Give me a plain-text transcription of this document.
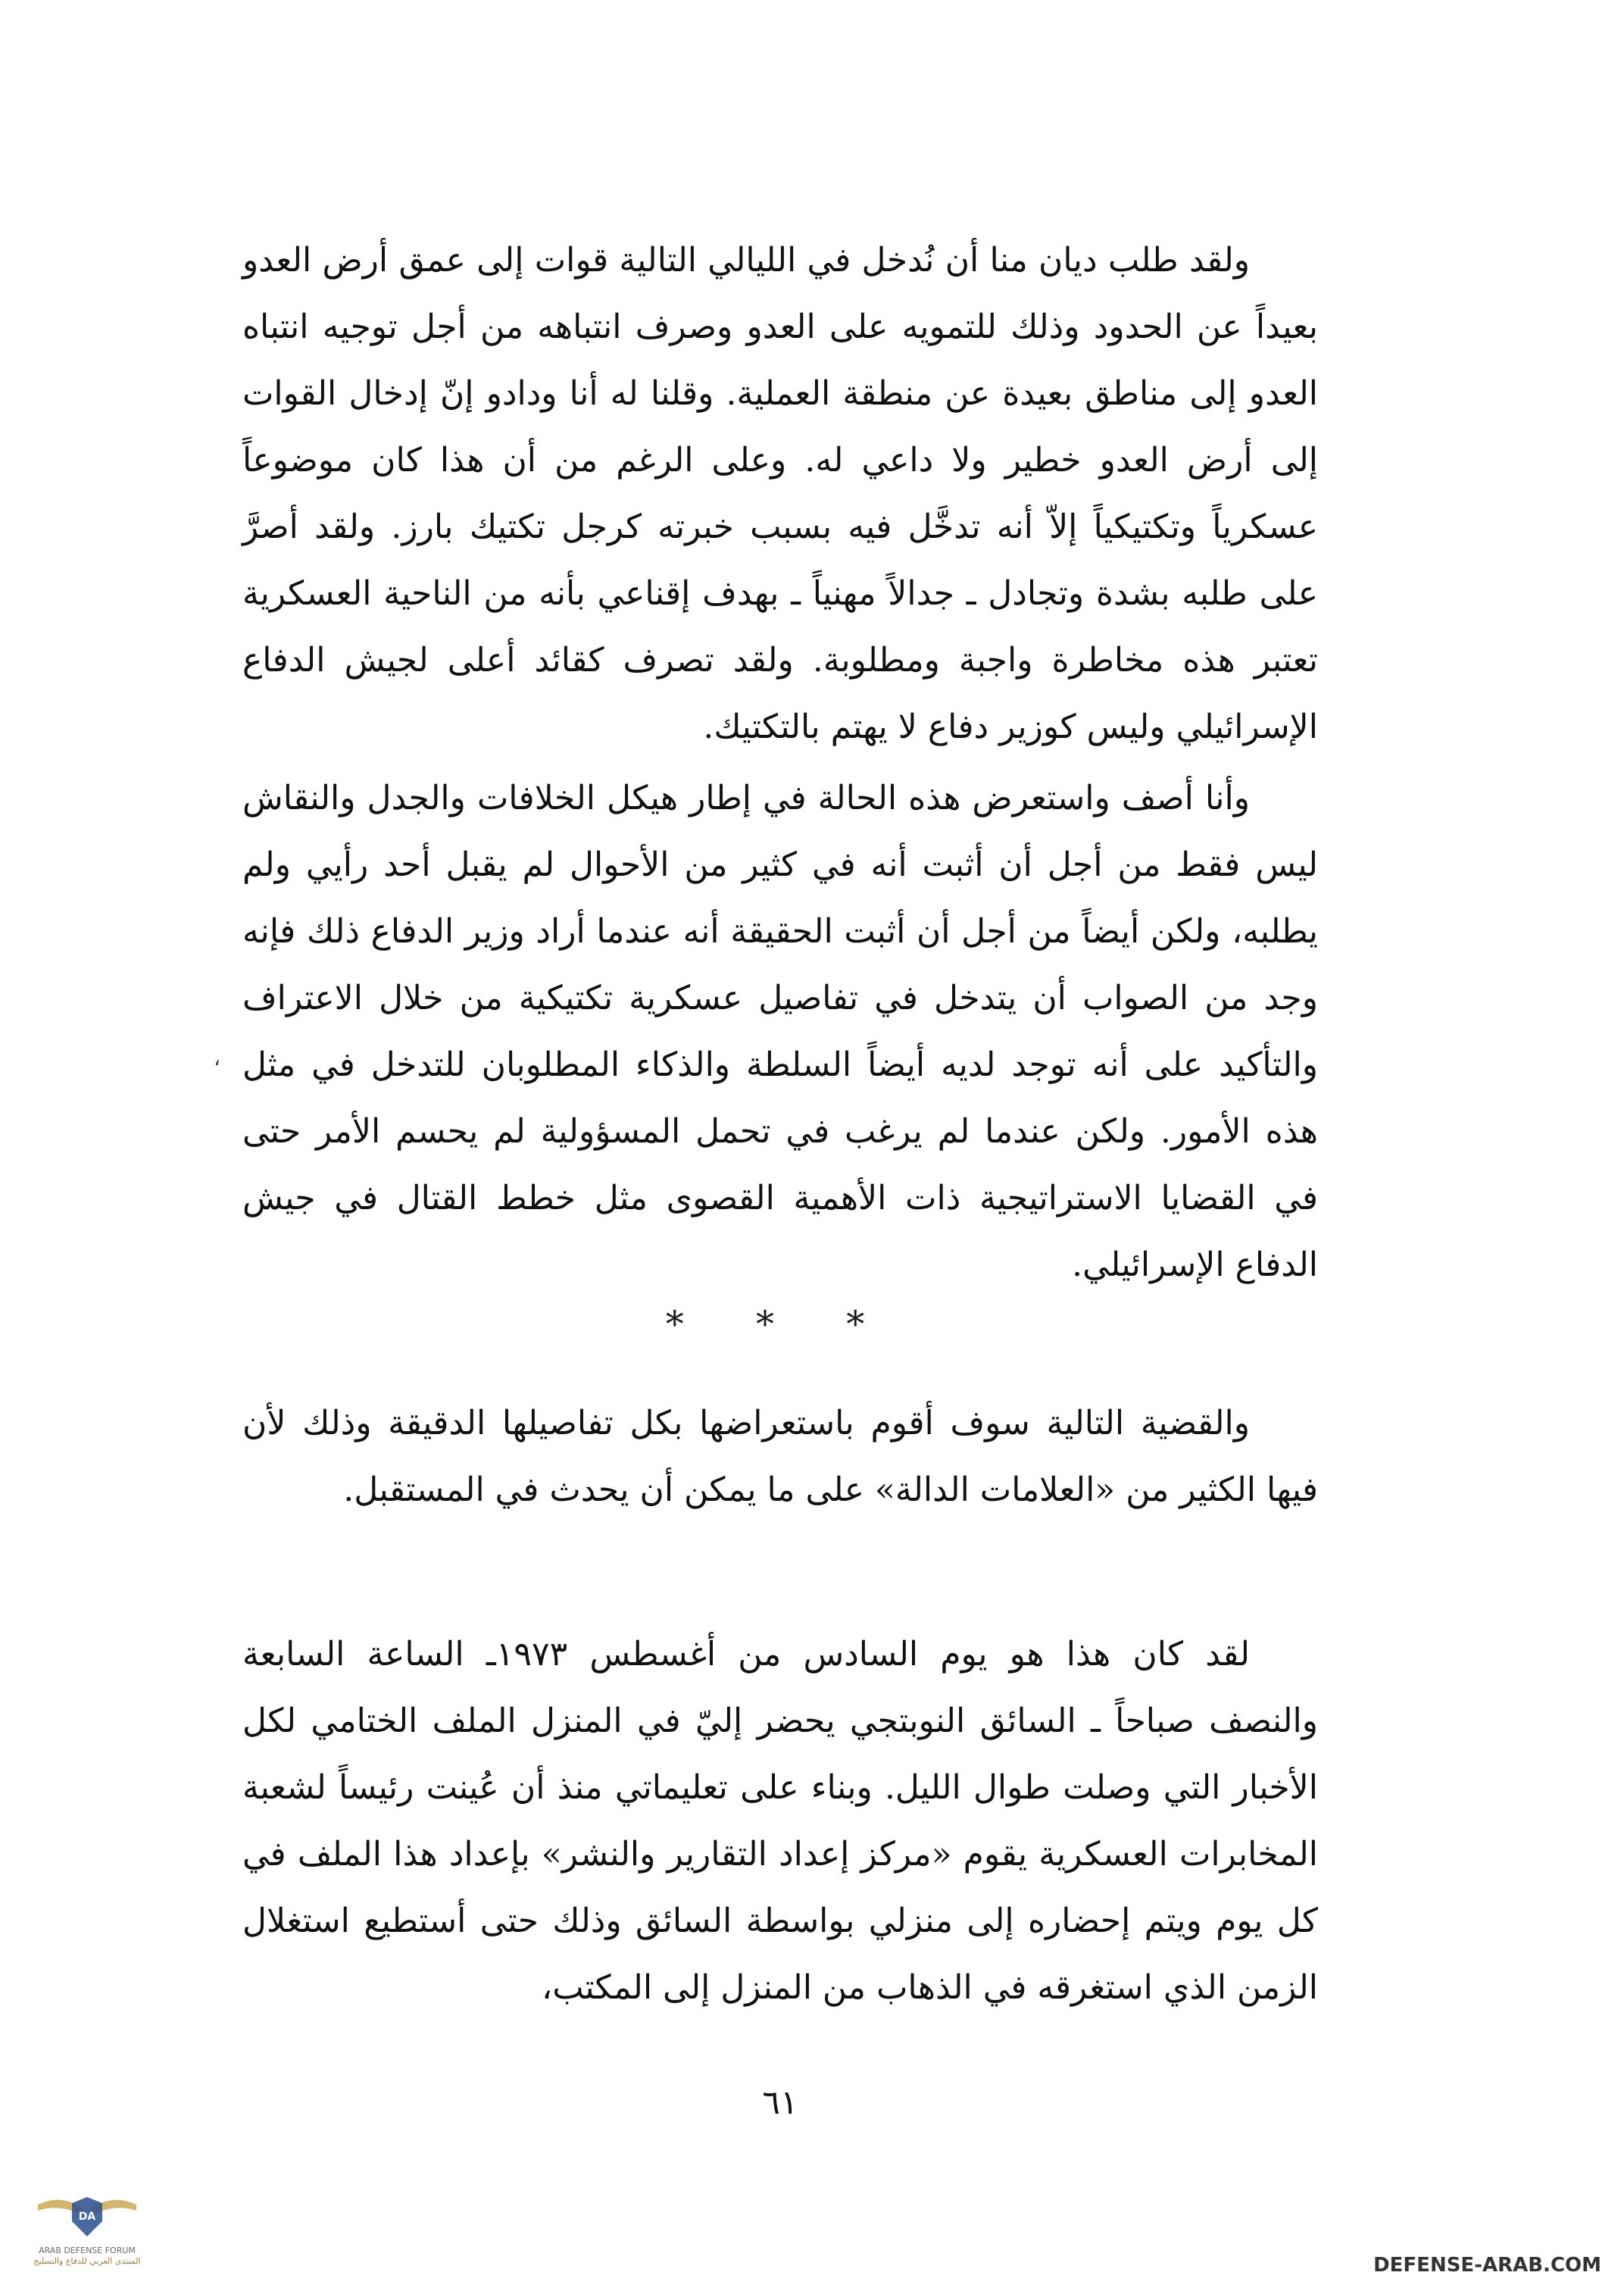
ولقد طلب ديان منا أن نُدخل في الليالي التالية قوات إلى عمق أرض العدو بعيداً عن الحدود وذلك للتمويه على العدو وصرف انتباهه من أجل توجيه انتباه العدو إلى مناطق بعيدة عن منطقة العملية. وقلنا له أنا ودادو إنّ إدخال القوات إلى أرض العدو خطير ولا داعي له. وعلى الرغم من أن هذا كان موضوعاً عسكرياً وتكتيكياً إلاّ أنه تدخَّل فيه بسبب خبرته كرجل تكتيك بارز. ولقد أصرَّ على طلبه بشدة وتجادل ـ جدالاً مهنياً ـ بهدف إقناعي بأنه من الناحية العسكرية تعتبر هذه مخاطرة واجبة ومطلوبة. ولقد تصرف كقائد أعلى لجيش الدفاع الإسرائيلي وليس كوزير دفاع لا يهتم بالتكتيك.

وأنا أصف واستعرض هذه الحالة في إطار هيكل الخلافات والجدل والنقاش ليس فقط من أجل أن أثبت أنه في كثير من الأحوال لم يقبل أحد رأيي ولم يطلبه، ولكن أيضاً من أجل أن أثبت الحقيقة أنه عندما أراد وزير الدفاع ذلك فإنه وجد من الصواب أن يتدخل في تفاصيل عسكرية تكتيكية من خلال الاعتراف والتأكيد على أنه توجد لديه أيضاً السلطة والذكاء المطلوبان للتدخل في مثل هذه الأمور. ولكن عندما لم يرغب في تحمل المسؤولية لم يحسم الأمر حتى في القضايا الاستراتيجية ذات الأهمية القصوى مثل خطط القتال في جيش الدفاع الإسرائيلي.

،
* * *

والقضية التالية سوف أقوم باستعراضها بكل تفاصيلها الدقيقة وذلك لأن فيها الكثير من «العلامات الدالة» على ما يمكن أن يحدث في المستقبل.

لقد كان هذا هو يوم السادس من أغسطس ١٩٧٣ـ الساعة السابعة والنصف صباحاً ـ السائق النوبتجي يحضر إليّ في المنزل الملف الختامي لكل الأخبار التي وصلت طوال الليل. وبناء على تعليماتي منذ أن عُينت رئيساً لشعبة المخابرات العسكرية يقوم «مركز إعداد التقارير والنشر» بإعداد هذا الملف في كل يوم ويتم إحضاره إلى منزلي بواسطة السائق وذلك حتى أستطيع استغلال الزمن الذي استغرقه في الذهاب من المنزل إلى المكتب،

٦١
DA
ARAB DEFENSE FORUM
المنتدى العربي للدفاع والتسليح	DEFENSE-ARAB.COM
